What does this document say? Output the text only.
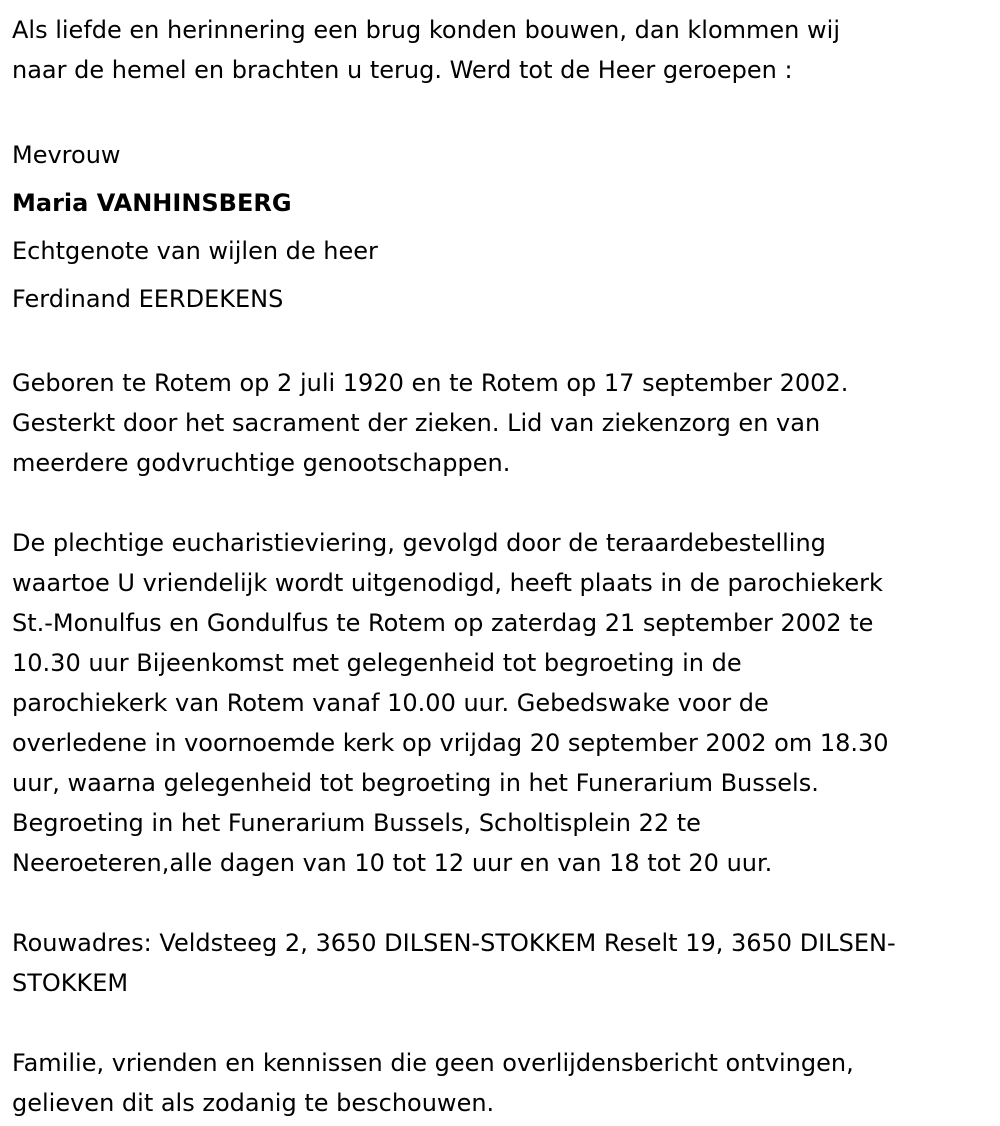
Als liefde en herinnering een brug konden bouwen, dan klommen wij
naar de hemel en brachten u terug. Werd tot de Heer geroepen :

Mevrouw
Maria VANHINSBERG
Echtgenote van wijlen de heer
Ferdinand EERDEKENS

Geboren te Rotem op 2 juli 1920 en te Rotem op 17 september 2002.
Gesterkt door het sacrament der zieken. Lid van ziekenzorg en van
meerdere godvruchtige genootschappen.

De plechtige eucharistieviering, gevolgd door de teraardebestelling
waartoe U vriendelijk wordt uitgenodigd, heeft plaats in de parochiekerk
St.-Monulfus en Gondulfus te Rotem op zaterdag 21 september 2002 te
10.30 uur Bijeenkomst met gelegenheid tot begroeting in de
parochiekerk van Rotem vanaf 10.00 uur. Gebedswake voor de
overledene in voornoemde kerk op vrijdag 20 september 2002 om 18.30
uur, waarna gelegenheid tot begroeting in het Funerarium Bussels.
Begroeting in het Funerarium Bussels, Scholtisplein 22 te
Neeroeteren,alle dagen van 10 tot 12 uur en van 18 tot 20 uur.

Rouwadres: Veldsteeg 2, 3650 DILSEN-STOKKEM Reselt 19, 3650 DILSEN-
STOKKEM

Familie, vrienden en kennissen die geen overlijdensbericht ontvingen,
gelieven dit als zodanig te beschouwen.
